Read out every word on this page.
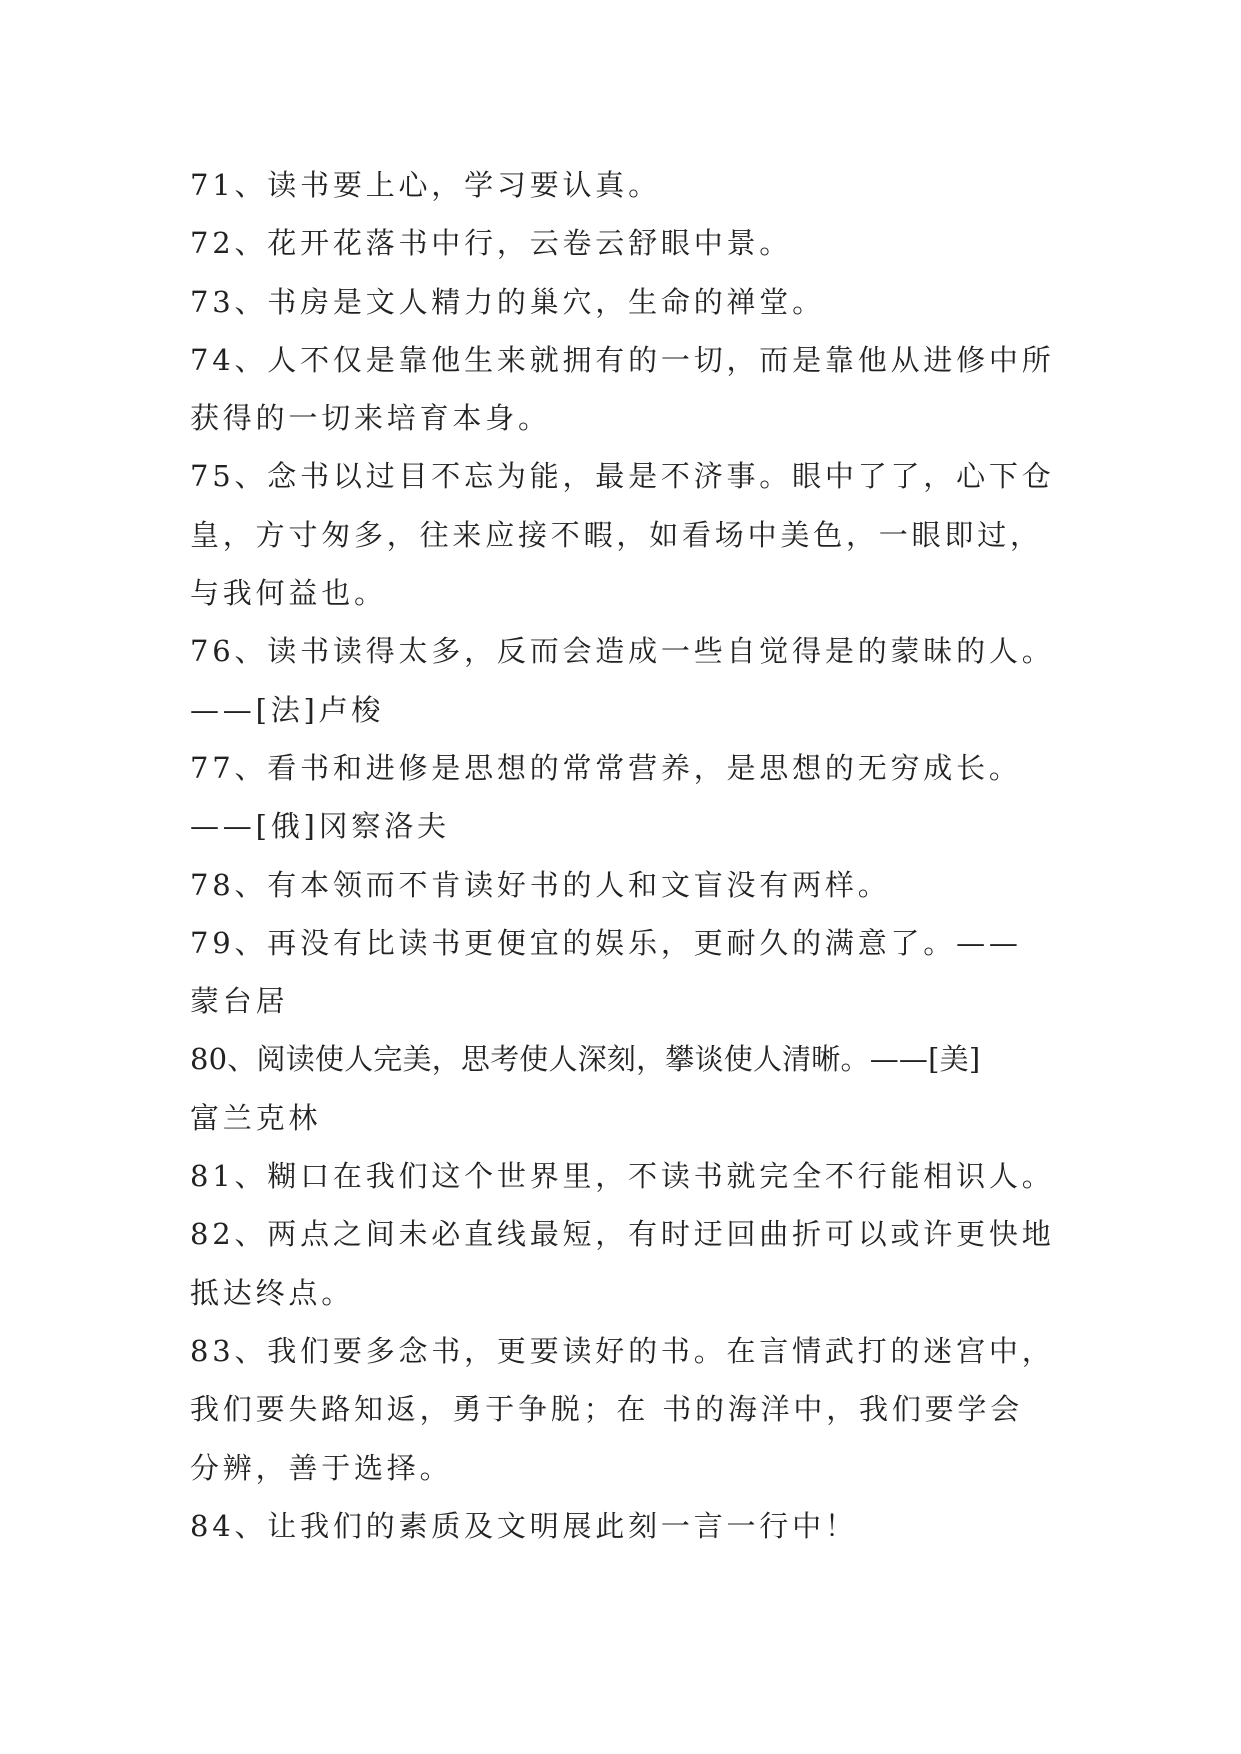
71、读书要上心，学习要认真。
72、花开花落书中行，云卷云舒眼中景。
73、书房是文人精力的巢穴，生命的禅堂。
74、人不仅是靠他生来就拥有的一切，而是靠他从进修中所
获得的一切来培育本身。
75、念书以过目不忘为能，最是不济事。眼中了了，心下仓
皇，方寸匆多，往来应接不暇，如看场中美色，一眼即过，
与我何益也。
76、读书读得太多，反而会造成一些自觉得是的蒙昧的人。
——[法]卢梭
77、看书和进修是思想的常常营养，是思想的无穷成长。
——[俄]冈察洛夫
78、有本领而不肯读好书的人和文盲没有两样。
79、再没有比读书更便宜的娱乐，更耐久的满意了。——
蒙台居
80、阅读使人完美，思考使人深刻，攀谈使人清晰。——[美]
富兰克林
81、糊口在我们这个世界里，不读书就完全不行能相识人。
82、两点之间未必直线最短，有时迂回曲折可以或许更快地
抵达终点。
83、我们要多念书，更要读好的书。在言情武打的迷宫中，
我们要失路知返，勇于争脱；在 书的海洋中，我们要学会
分辨，善于选择。
84、让我们的素质及文明展此刻一言一行中！
